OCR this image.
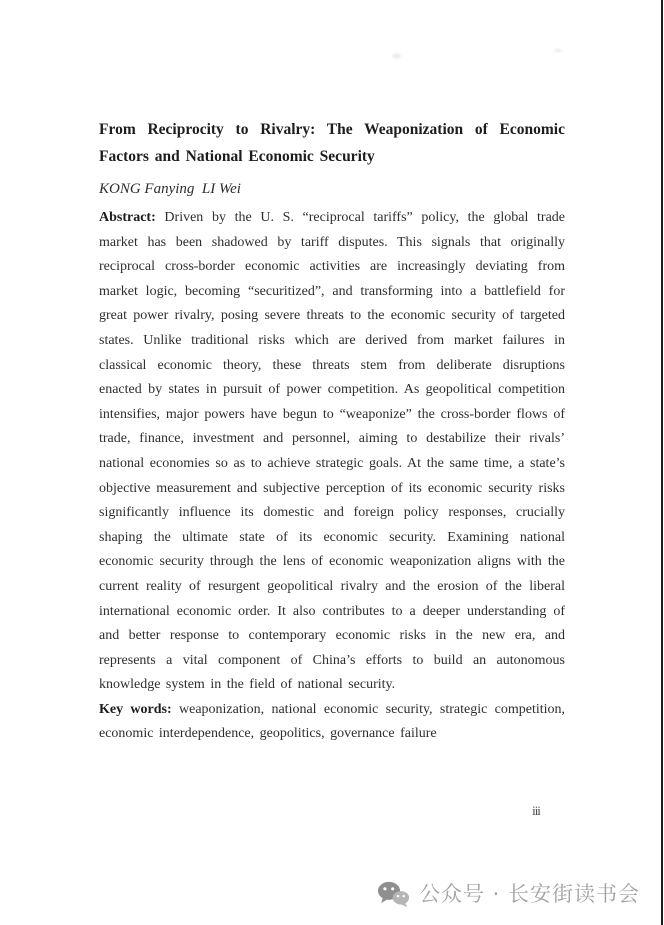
From Reciprocity to Rivalry: The Weaponization of Economic Factors and National Economic Security
KONG Fanying  LI Wei

Abstract: Driven by the U. S. “reciprocal tariffs” policy, the global trade market has been shadowed by tariff disputes. This signals that originally reciprocal cross-border economic activities are increasingly deviating from market logic, becoming “securitized”, and transforming into a battlefield for great power rivalry, posing severe threats to the economic security of targeted states. Unlike traditional risks which are derived from market failures in classical economic theory, these threats stem from deliberate disruptions enacted by states in pursuit of power competition. As geopolitical competition intensifies, major powers have begun to “weaponize” the cross-border flows of trade, finance, investment and personnel, aiming to destabilize their rivals’ national economies so as to achieve strategic goals. At the same time, a state’s objective measurement and subjective perception of its economic security risks significantly influence its domestic and foreign policy responses, crucially shaping the ultimate state of its economic security. Examining national economic security through the lens of economic weaponization aligns with the current reality of resurgent geopolitical rivalry and the erosion of the liberal international economic order. It also contributes to a deeper understanding of and better response to contemporary economic risks in the new era, and represents a vital component of China’s efforts to build an autonomous knowledge system in the field of national security.

Key words: weaponization, national economic security, strategic competition, economic interdependence, geopolitics, governance failure

iii
公众号 · 长安街读书会
